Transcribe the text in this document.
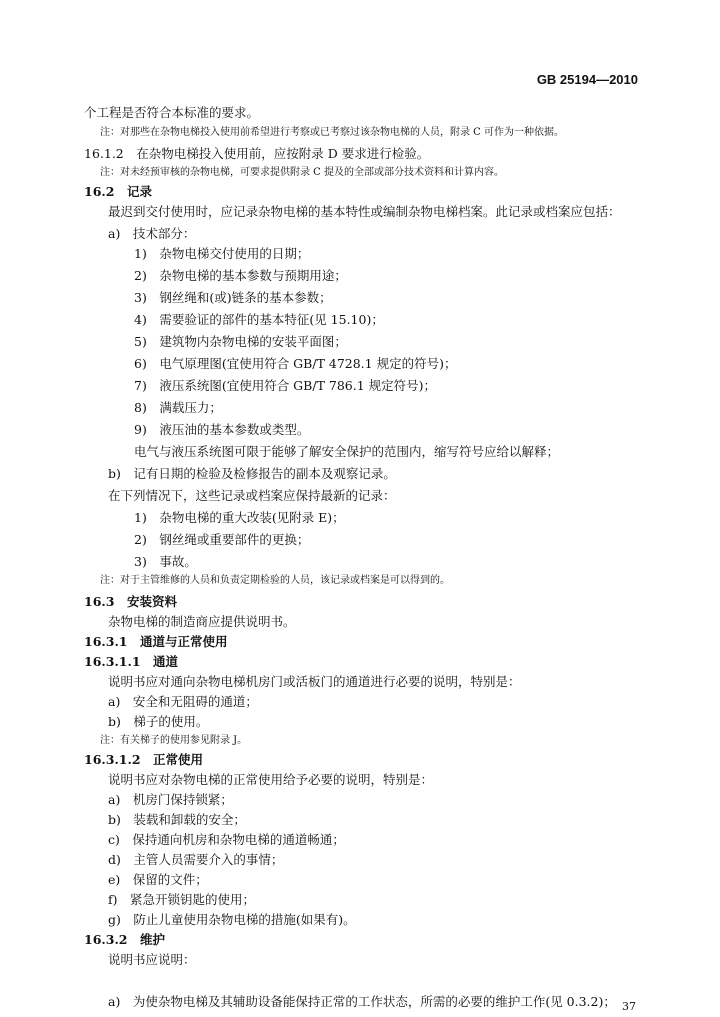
GB 25194—2010
个工程是否符合本标准的要求。
注：对那些在杂物电梯投入使用前希望进行考察或已考察过该杂物电梯的人员，附录 C 可作为一种依据。
16.1.2　在杂物电梯投入使用前，应按附录 D 要求进行检验。
注：对未经预审核的杂物电梯，可要求提供附录 C 提及的全部或部分技术资料和计算内容。
16.2　记录
最迟到交付使用时，应记录杂物电梯的基本特性或编制杂物电梯档案。此记录或档案应包括：
a)　技术部分：
1)　杂物电梯交付使用的日期；
2)　杂物电梯的基本参数与预期用途；
3)　钢丝绳和(或)链条的基本参数；
4)　需要验证的部件的基本特征(见 15.10)；
5)　建筑物内杂物电梯的安装平面图；
6)　电气原理图(宜使用符合 GB/T 4728.1 规定的符号)；
7)　液压系统图(宜使用符合 GB/T 786.1 规定符号)；
8)　满载压力；
9)　液压油的基本参数或类型。
电气与液压系统图可限于能够了解安全保护的范围内，缩写符号应给以解释；
b)　记有日期的检验及检修报告的副本及观察记录。
在下列情况下，这些记录或档案应保持最新的记录：
1)　杂物电梯的重大改装(见附录 E)；
2)　钢丝绳或重要部件的更换；
3)　事故。
注：对于主管维修的人员和负责定期检验的人员，该记录或档案是可以得到的。
16.3　安装资料
杂物电梯的制造商应提供说明书。
16.3.1　通道与正常使用
16.3.1.1　通道
说明书应对通向杂物电梯机房门或活板门的通道进行必要的说明，特别是：
a)　安全和无阻碍的通道；
b)　梯子的使用。
注：有关梯子的使用参见附录 J。
16.3.1.2　正常使用
说明书应对杂物电梯的正常使用给予必要的说明，特别是：
a)　机房门保持锁紧；
b)　装载和卸载的安全；
c)　保持通向机房和杂物电梯的通道畅通；
d)　主管人员需要介入的事情；
e)　保留的文件；
f)　紧急开锁钥匙的使用；
g)　防止儿童使用杂物电梯的措施(如果有)。
16.3.2　维护
说明书应说明：
37
a)　为使杂物电梯及其辅助设备能保持正常的工作状态，所需的必要的维护工作(见 0.3.2)；
